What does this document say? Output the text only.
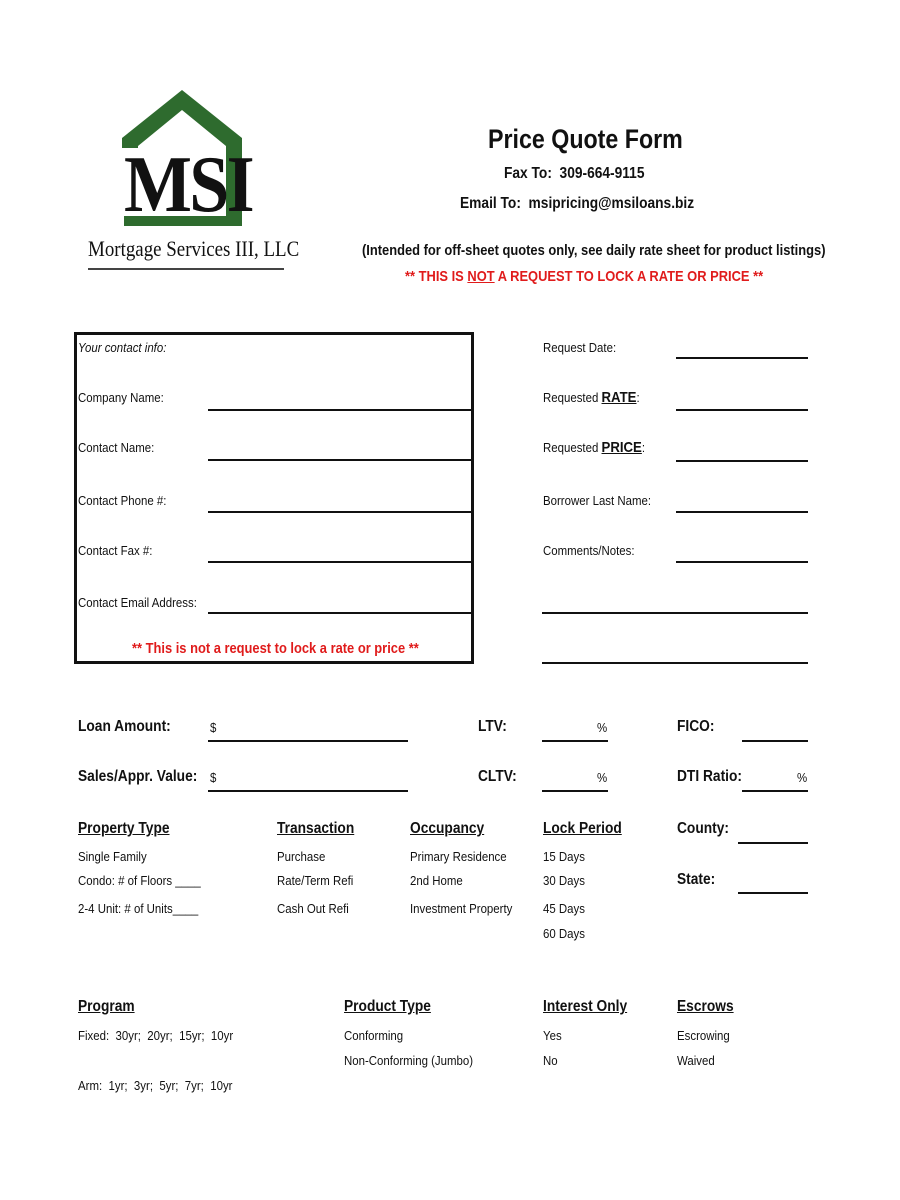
MSI
Mortgage Services III, LLC
Price Quote Form
Fax To: 309-664-9115
Email To: msipricing@msiloans.biz
(Intended for off-sheet quotes only, see daily rate sheet for product listings)
** THIS IS NOT A REQUEST TO LOCK A RATE OR PRICE **
Your contact info:
Company Name:
Contact Name:
Contact Phone #:
Contact Fax #:
Contact Email Address:
** This is not a request to lock a rate or price **
Request Date:
Requested RATE:
Requested PRICE:
Borrower Last Name:
Comments/Notes:
Loan Amount:	$	LTV:	%	FICO:
Sales/Appr. Value: $	CLTV:	%	DTI Ratio:	%
Property Type
Single Family
Condo: # of Floors ____
2-4 Unit: # of Units____
Transaction
Purchase
Rate/Term Refi
Cash Out Refi
Occupancy
Primary Residence
2nd Home
Investment Property
Lock Period
15 Days
30 Days
45 Days
60 Days
County:
State:
Program
Fixed:  30yr;  20yr;  15yr;  10yr
Arm:  1yr;  3yr;  5yr;  7yr;  10yr
Product Type
Conforming
Non-Conforming (Jumbo)
Interest Only
Yes
No
Escrows
Escrowing
Waived
